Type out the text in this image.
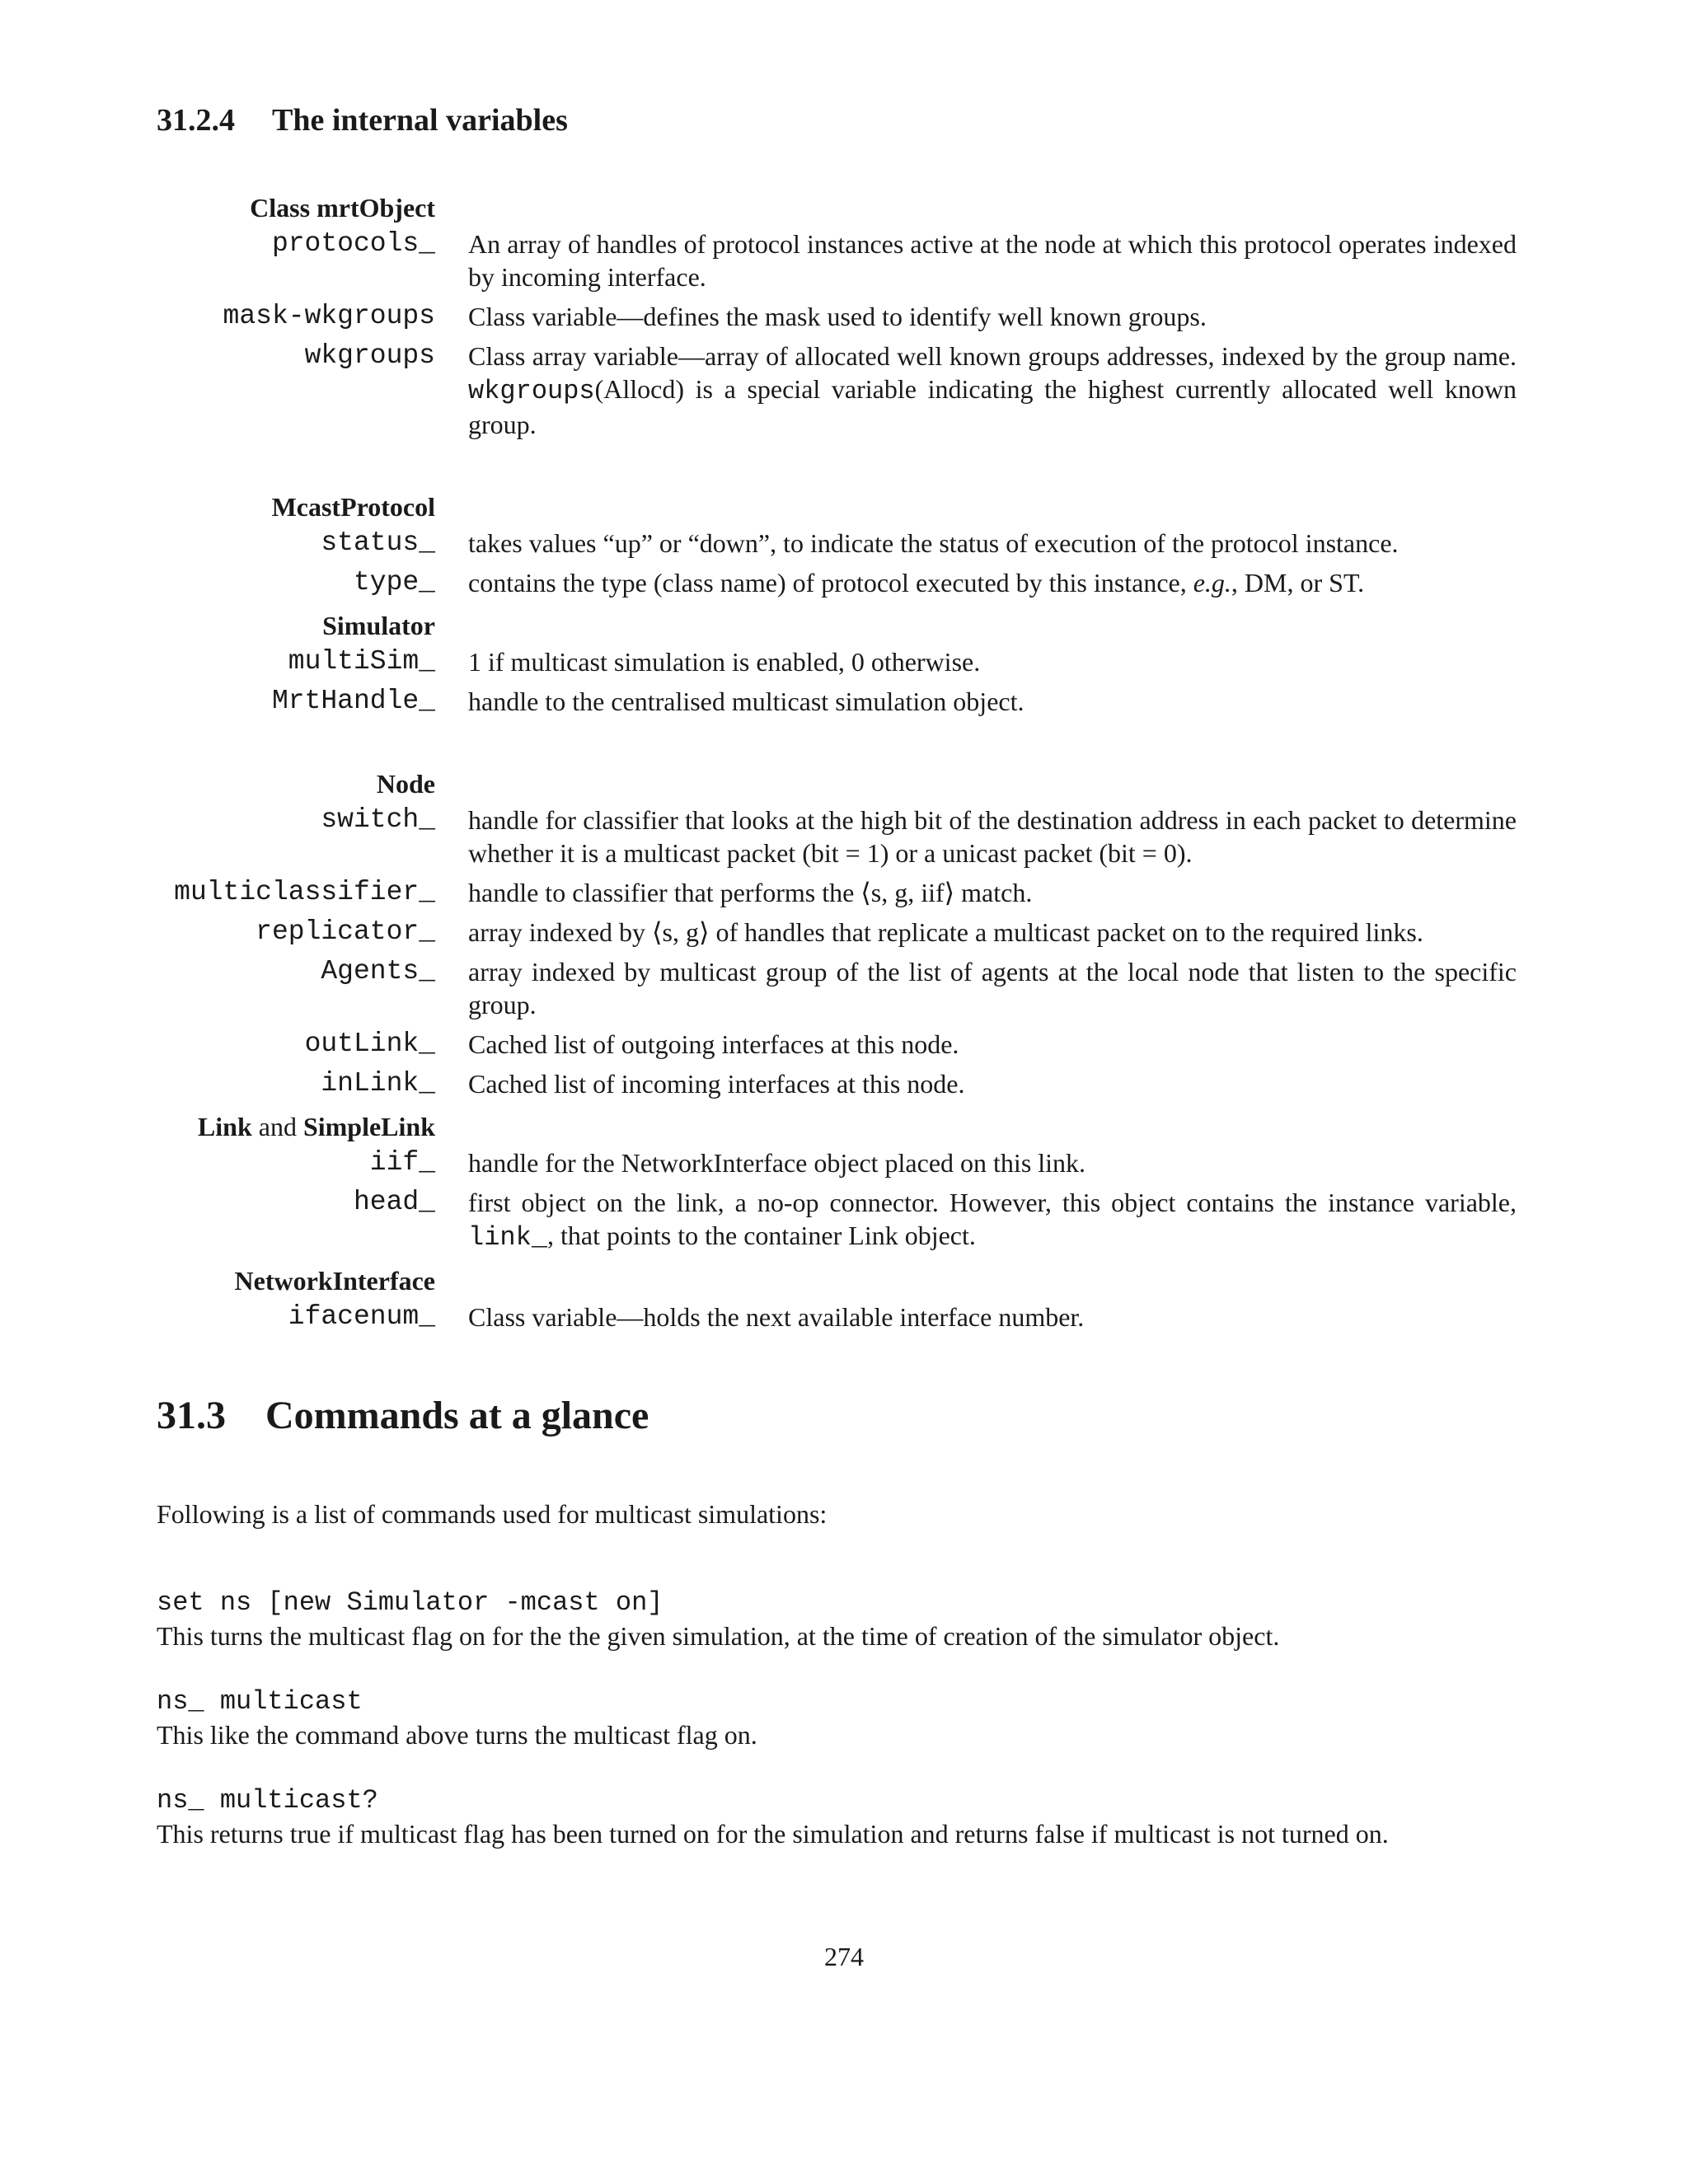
31.2.4 The internal variables
Class mrtObject
protocols_ An array of handles of protocol instances active at the node at which this protocol operates indexed by incoming interface.
mask-wkgroups Class variable—defines the mask used to identify well known groups.
wkgroups Class array variable—array of allocated well known groups addresses, indexed by the group name. wkgroups(Allocd) is a special variable indicating the highest currently allocated well known group.
McastProtocol
status_ takes values “up” or “down”, to indicate the status of execution of the protocol instance.
type_ contains the type (class name) of protocol executed by this instance, e.g., DM, or ST.
Simulator
multiSim_ 1 if multicast simulation is enabled, 0 otherwise.
MrtHandle_ handle to the centralised multicast simulation object.
Node
switch_ handle for classifier that looks at the high bit of the destination address in each packet to determine whether it is a multicast packet (bit = 1) or a unicast packet (bit = 0).
multiclassifier_ handle to classifier that performs the ⟨s, g, iif⟩ match.
replicator_ array indexed by ⟨s, g⟩ of handles that replicate a multicast packet on to the required links.
Agents_ array indexed by multicast group of the list of agents at the local node that listen to the specific group.
outLink_ Cached list of outgoing interfaces at this node.
inLink_ Cached list of incoming interfaces at this node.
Link and SimpleLink
iif_ handle for the NetworkInterface object placed on this link.
head_ first object on the link, a no-op connector. However, this object contains the instance variable, link_, that points to the container Link object.
NetworkInterface
ifacenum_ Class variable—holds the next available interface number.
31.3 Commands at a glance

Following is a list of commands used for multicast simulations:

set ns [new Simulator -mcast on]
This turns the multicast flag on for the the given simulation, at the time of creation of the simulator object.
ns_ multicast
This like the command above turns the multicast flag on.
ns_ multicast?
This returns true if multicast flag has been turned on for the simulation and returns false if multicast is not turned on.

274
